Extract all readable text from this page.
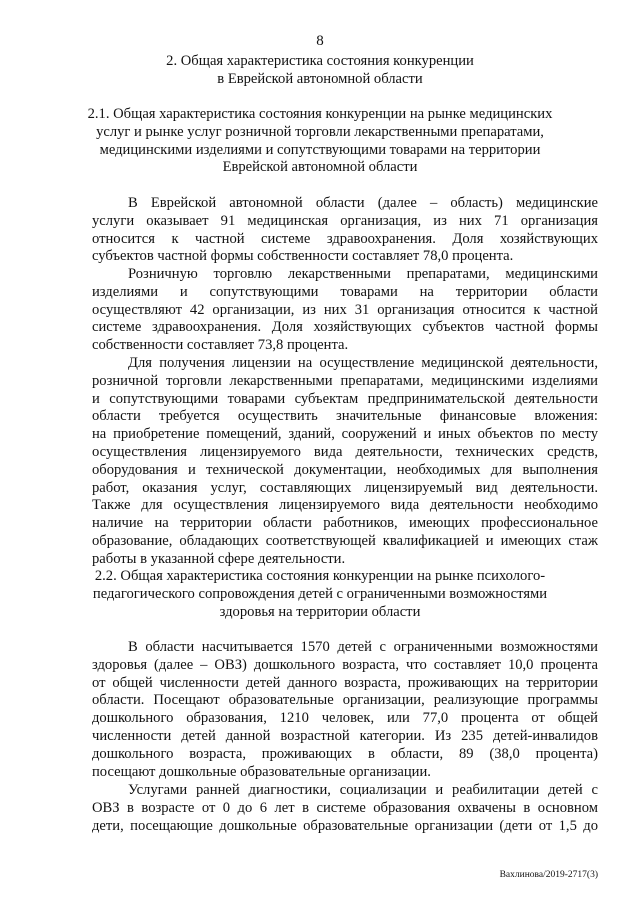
8
2. Общая характеристика состояния конкуренции
в Еврейской автономной области
2.1. Общая характеристика состояния конкуренции на рынке медицинских
услуг и рынке услуг розничной торговли лекарственными препаратами,
медицинскими изделиями и сопутствующими товарами на территории
Еврейской автономной области
В Еврейской автономной области (далее – область) медицинские
услуги оказывает 91 медицинская организация, из них 71 организация
относится к частной системе здравоохранения. Доля хозяйствующих
субъектов частной формы собственности составляет 78,0 процента.
Розничную торговлю лекарственными препаратами, медицинскими
изделиями и сопутствующими товарами на территории области
осуществляют 42 организации, из них 31 организация относится к частной
системе здравоохранения. Доля хозяйствующих субъектов частной формы
собственности составляет 73,8 процента.
Для получения лицензии на осуществление медицинской деятельности,
розничной торговли лекарственными препаратами, медицинскими изделиями
и сопутствующими товарами субъектам предпринимательской деятельности
области требуется осуществить значительные финансовые вложения:
на приобретение помещений, зданий, сооружений и иных объектов по месту
осуществления лицензируемого вида деятельности, технических средств,
оборудования и технической документации, необходимых для выполнения
работ, оказания услуг, составляющих лицензируемый вид деятельности.
Также для осуществления лицензируемого вида деятельности необходимо
наличие на территории области работников, имеющих профессиональное
образование, обладающих соответствующей квалификацией и имеющих стаж
работы в указанной сфере деятельности.
2.2. Общая характеристика состояния конкуренции на рынке психолого-
педагогического сопровождения детей с ограниченными возможностями
здоровья на территории области
В области насчитывается 1570 детей с ограниченными возможностями
здоровья (далее – ОВЗ) дошкольного возраста, что составляет 10,0 процента
от общей численности детей данного возраста, проживающих на территории
области. Посещают образовательные организации, реализующие программы
дошкольного образования, 1210 человек, или 77,0 процента от общей
численности детей данной возрастной категории. Из 235 детей-инвалидов
дошкольного возраста, проживающих в области, 89 (38,0 процента)
посещают дошкольные образовательные организации.
Услугами ранней диагностики, социализации и реабилитации детей с
ОВЗ в возрасте от 0 до 6 лет в системе образования охвачены в основном
дети, посещающие дошкольные образовательные организации (дети от 1,5 до
Вахлинова/2019-2717(3)
